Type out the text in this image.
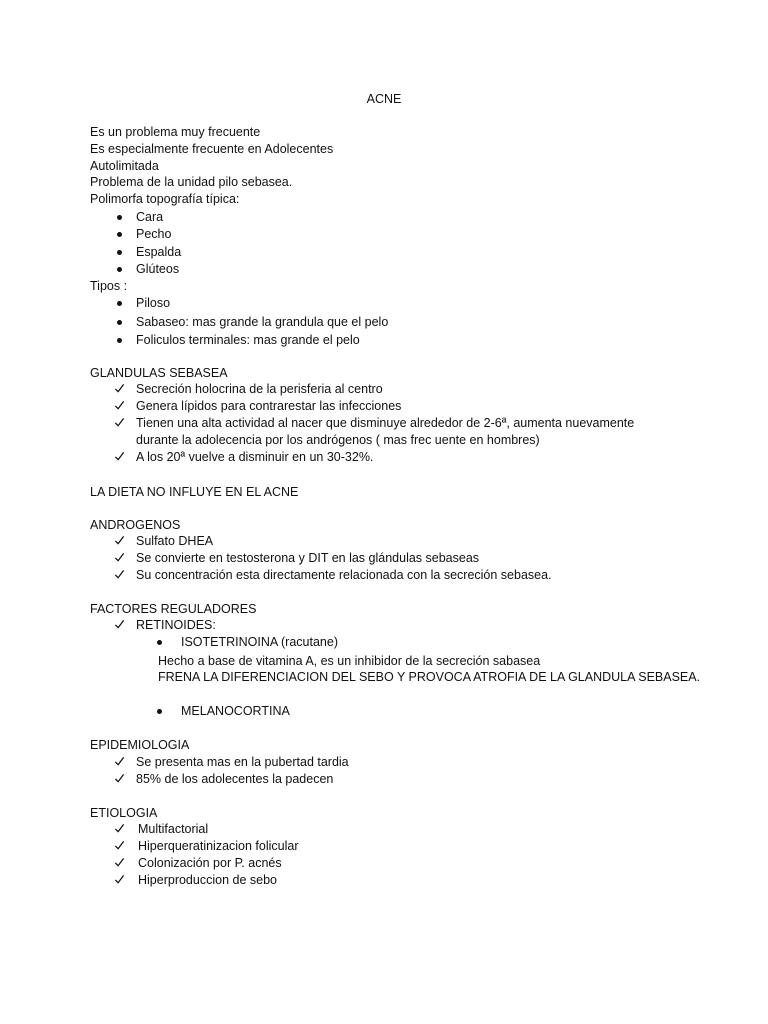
ACNE
Es un problema muy frecuente
Es especialmente frecuente en Adolecentes
Autolimitada
Problema de la unidad pilo sebasea.
Polimorfa topografía típica:
Cara
Pecho
Espalda
Glúteos
Tipos :
Piloso
Sabaseo: mas grande la grandula que el pelo
Foliculos terminales: mas grande el pelo
GLANDULAS SEBASEA
Secreción holocrina de la perisferia al centro
Genera lípidos para contrarestar las infecciones
Tienen una alta actividad al nacer que disminuye alrededor de 2-6ª, aumenta nuevamente
durante la adolecencia por los andrógenos ( mas frec uente en hombres)
A los 20ª vuelve a disminuir en un 30-32%.
LA DIETA NO INFLUYE EN EL ACNE
ANDROGENOS
Sulfato DHEA
Se convierte en testosterona y DIT en las glándulas sebaseas
Su concentración esta directamente relacionada con la secreción sebasea.
FACTORES REGULADORES
RETINOIDES:
ISOTETRINOINA (racutane)
Hecho a base de vitamina A, es un inhibidor de la secreción sabasea
FRENA LA DIFERENCIACION DEL SEBO Y PROVOCA ATROFIA DE LA GLANDULA SEBASEA.
MELANOCORTINA
EPIDEMIOLOGIA
Se presenta mas en la pubertad tardia
85% de los adolecentes la padecen
ETIOLOGIA
Multifactorial
Hiperqueratinizacion folicular
Colonización por P. acnés
Hiperproduccion de sebo
